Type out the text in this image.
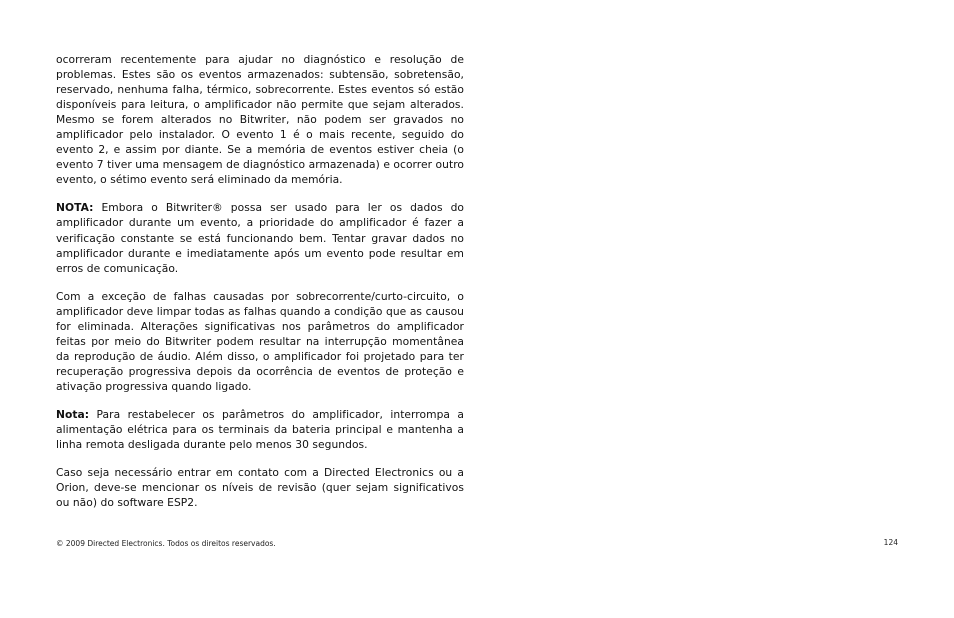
ocorreram recentemente para ajudar no diagnóstico e resolução de problemas. Estes são os eventos armazenados: subtensão, sobretensão, reservado, nenhuma falha, térmico, sobrecorrente. Estes eventos só estão disponíveis para leitura, o amplificador não permite que sejam alterados. Mesmo se forem alterados no Bitwriter, não podem ser gravados no amplificador pelo instalador. O evento 1 é o mais recente, seguido do evento 2, e assim por diante. Se a memória de eventos estiver cheia (o evento 7 tiver uma mensagem de diagnóstico armazenada) e ocorrer outro evento, o sétimo evento será eliminado da memória.

NOTA: Embora o Bitwriter® possa ser usado para ler os dados do amplificador durante um evento, a prioridade do amplificador é fazer a verificação constante se está funcionando bem. Tentar gravar dados no amplificador durante e imediatamente após um evento pode resultar em erros de comunicação.

Com a exceção de falhas causadas por sobrecorrente/curto-circuito, o amplificador deve limpar todas as falhas quando a condição que as causou for eliminada. Alterações significativas nos parâmetros do amplificador feitas por meio do Bitwriter podem resultar na interrupção momentânea da reprodução de áudio. Além disso, o amplificador foi projetado para ter recuperação progressiva depois da ocorrência de eventos de proteção e ativação progressiva quando ligado.

Nota: Para restabelecer os parâmetros do amplificador, interrompa a alimentação elétrica para os terminais da bateria principal e mantenha a linha remota desligada durante pelo menos 30 segundos.

Caso seja necessário entrar em contato com a Directed Electronics ou a Orion, deve-se mencionar os níveis de revisão (quer sejam significativos ou não) do software ESP2.

© 2009 Directed Electronics. Todos os direitos reservados.	124
